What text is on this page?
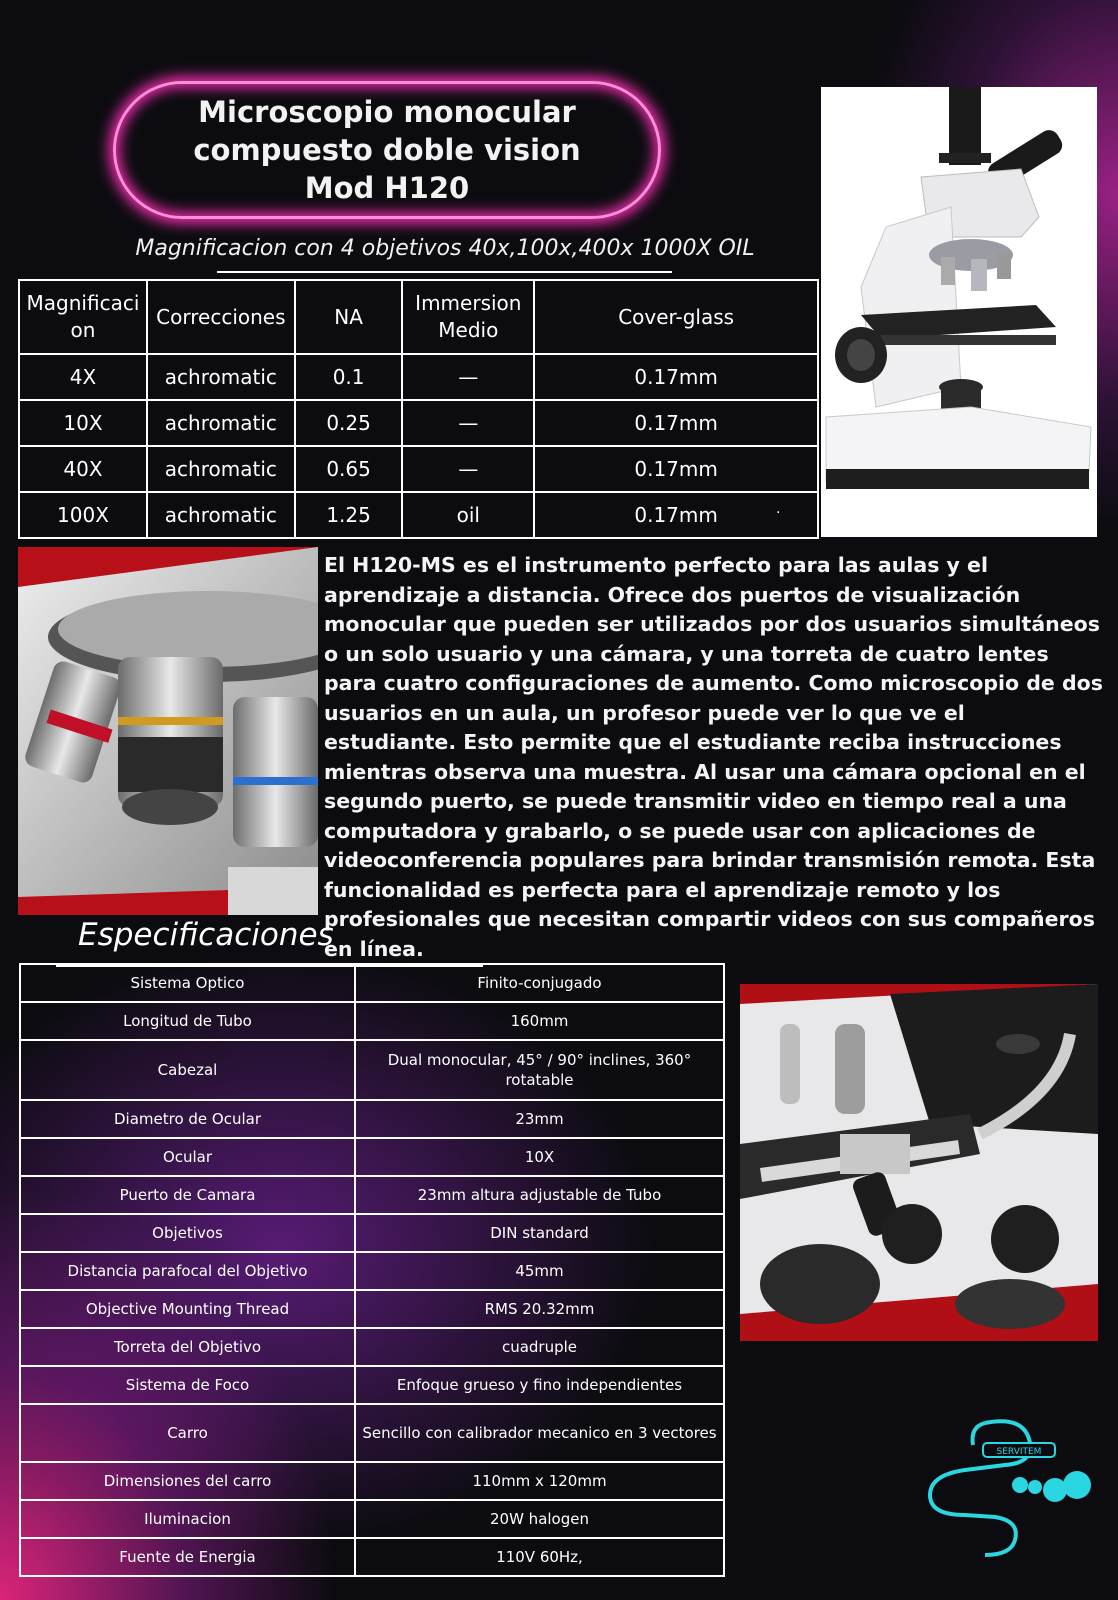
Microscopio monocular
compuesto doble vision
Mod H120
Magnificacion con 4 objetivos 40x,100x,400x 1000X OIL
Magnificaci on	Correcciones	NA	Immersion Medio	Cover-glass
4X	achromatic	0.1	—	0.17mm
10X	achromatic	0.25	—	0.17mm
40X	achromatic	0.65	—	0.17mm
100X	achromatic	1.25	oil	0.17mm	·
El H120-MS es el instrumento perfecto para las aulas y el aprendizaje a distancia. Ofrece dos puertos de visualización monocular que pueden ser utilizados por dos usuarios simultáneos o un solo usuario y una cámara, y una torreta de cuatro lentes para cuatro configuraciones de aumento. Como microscopio de dos usuarios en un aula, un profesor puede ver lo que ve el estudiante. Esto permite que el estudiante reciba instrucciones mientras observa una muestra. Al usar una cámara opcional en el segundo puerto, se puede transmitir video en tiempo real a una computadora y grabarlo, o se puede usar con aplicaciones de videoconferencia populares para brindar transmisión remota. Esta funcionalidad es perfecta para el aprendizaje remoto y los profesionales que necesitan compartir videos con sus compañeros en línea.
Especificaciones
Sistema Optico	Finito-conjugado
Longitud de Tubo	160mm
Cabezal	Dual monocular, 45° / 90° inclines, 360° rotatable
Diametro de Ocular	23mm
Ocular	10X
Puerto de Camara	23mm altura adjustable de Tubo
Objetivos	DIN standard
Distancia parafocal del Objetivo	45mm
Objective Mounting Thread	RMS 20.32mm
Torreta del Objetivo	cuadruple
Sistema de Foco	Enfoque grueso y fino independientes
Carro	Sencillo con calibrador mecanico en 3 vectores
Dimensiones del carro	110mm x 120mm
Iluminacion	20W halogen
Fuente de Energia	110V 60Hz,
SERVITEM
